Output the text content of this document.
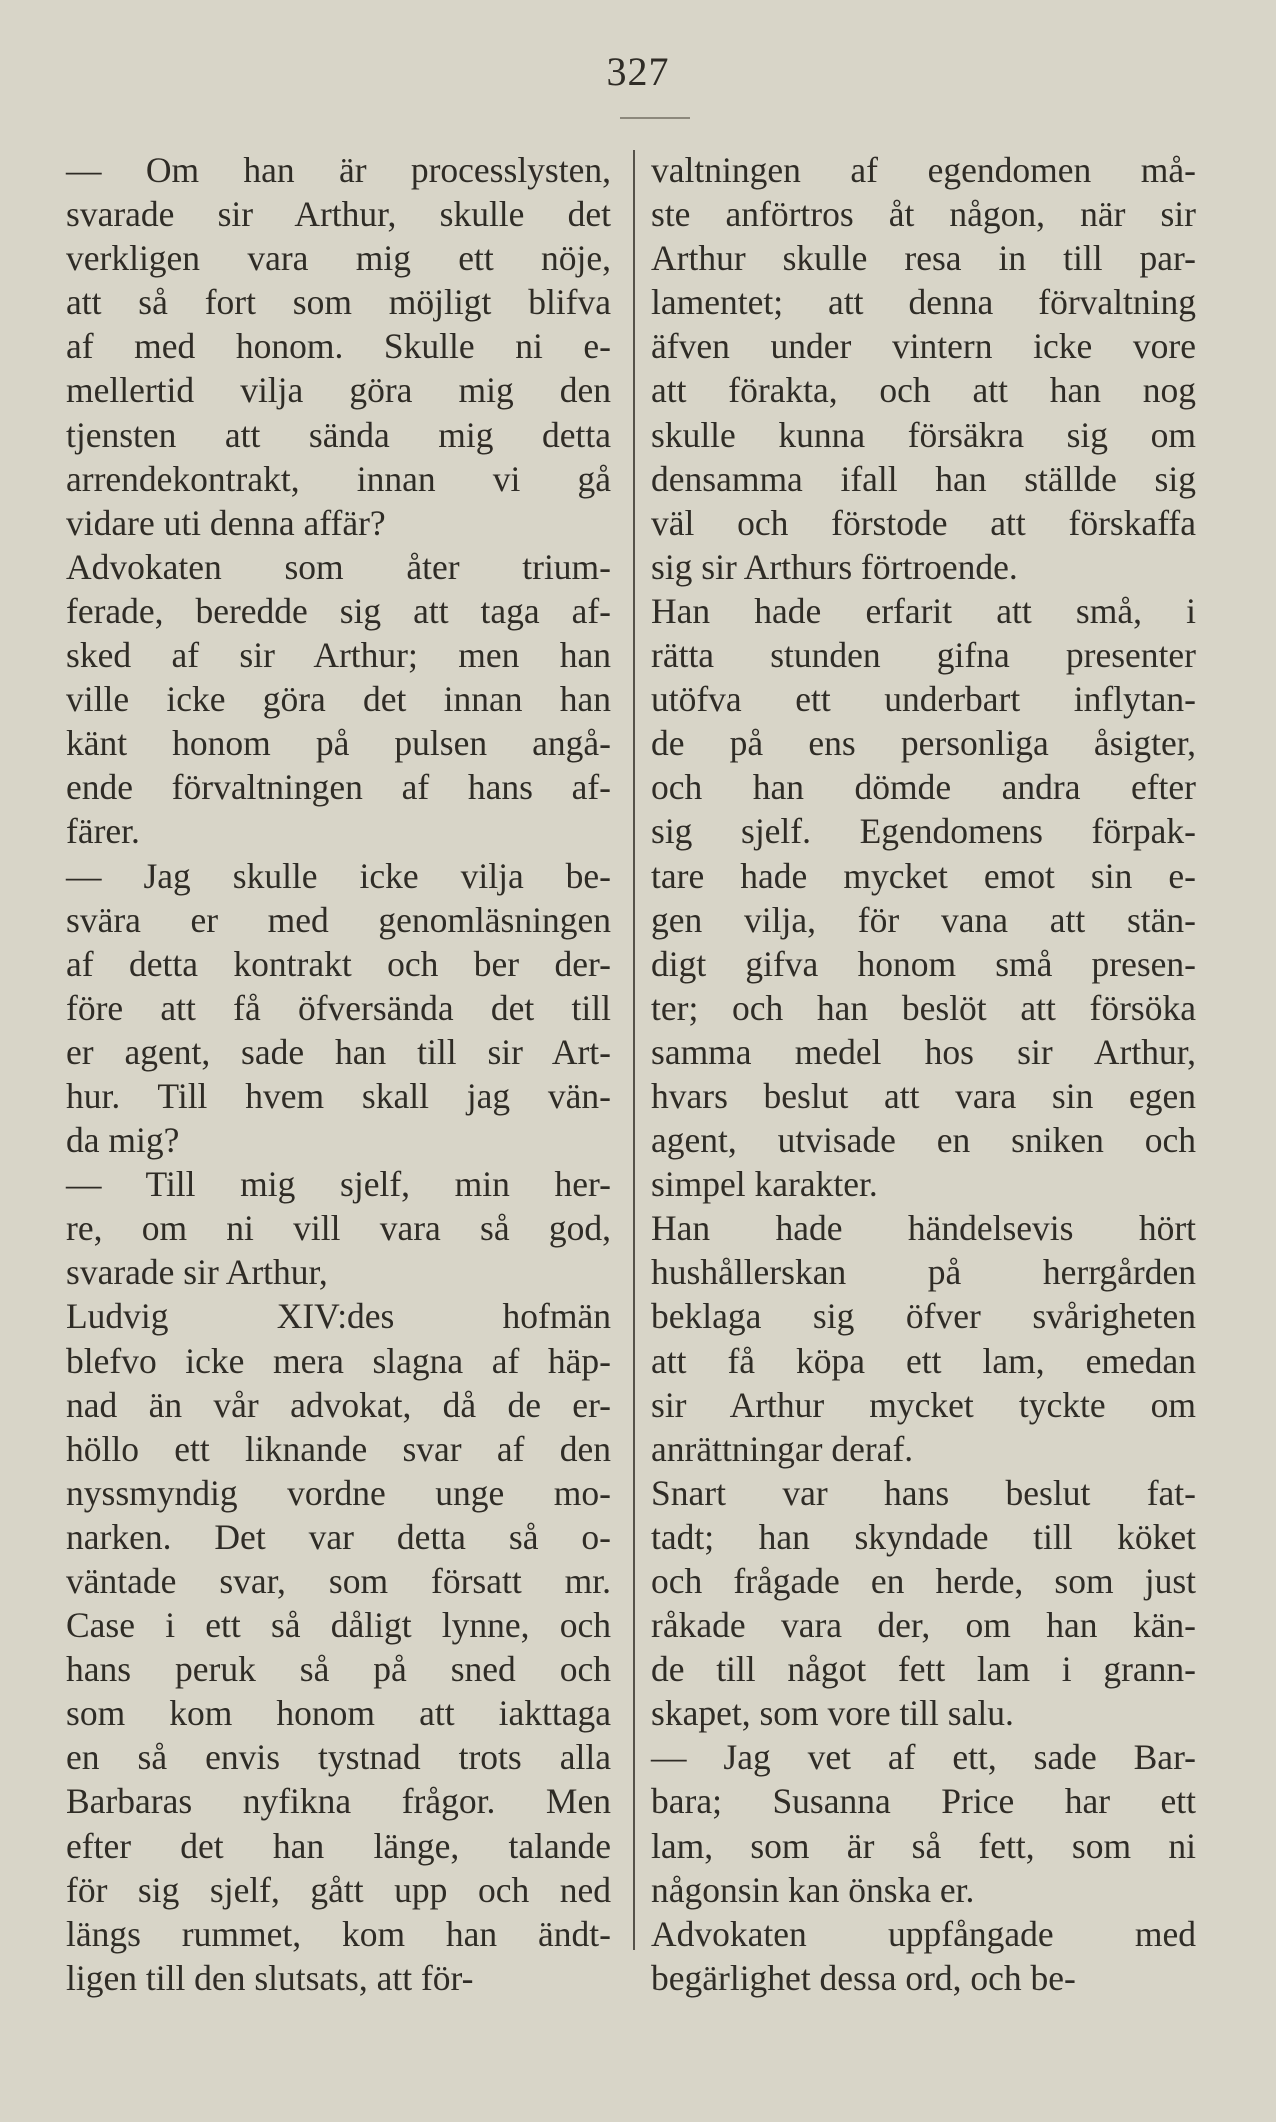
327
— Om han är processlysten,
svarade sir Arthur, skulle det
verkligen vara mig ett nöje,
att så fort som möjligt blifva
af med honom. Skulle ni e-
mellertid vilja göra mig den
tjensten att sända mig detta
arrendekontrakt, innan vi gå
vidare uti denna affär?
Advokaten som åter trium-
ferade, beredde sig att taga af-
sked af sir Arthur; men han
ville icke göra det innan han
känt honom på pulsen angå-
ende förvaltningen af hans af-
färer.
— Jag skulle icke vilja be-
svära er med genomläsningen
af detta kontrakt och ber der-
före att få öfversända det till
er agent, sade han till sir Art-
hur. Till hvem skall jag vän-
da mig?
— Till mig sjelf, min her-
re, om ni vill vara så god,
svarade sir Arthur,
Ludvig XIV:des hofmän
blefvo icke mera slagna af häp-
nad än vår advokat, då de er-
höllo ett liknande svar af den
nyssmyndig vordne unge mo-
narken. Det var detta så o-
väntade svar, som försatt mr.
Case i ett så dåligt lynne, och
hans peruk så på sned och
som kom honom att iakttaga
en så envis tystnad trots alla
Barbaras nyfikna frågor. Men
efter det han länge, talande
för sig sjelf, gått upp och ned
längs rummet, kom han ändt-
ligen till den slutsats, att för-
valtningen af egendomen må-
ste anförtros åt någon, när sir
Arthur skulle resa in till par-
lamentet; att denna förvaltning
äfven under vintern icke vore
att förakta, och att han nog
skulle kunna försäkra sig om
densamma ifall han ställde sig
väl och förstode att förskaffa
sig sir Arthurs förtroende.
Han hade erfarit att små, i
rätta stunden gifna presenter
utöfva ett underbart inflytan-
de på ens personliga åsigter,
och han dömde andra efter
sig sjelf. Egendomens förpak-
tare hade mycket emot sin e-
gen vilja, för vana att stän-
digt gifva honom små presen-
ter; och han beslöt att försöka
samma medel hos sir Arthur,
hvars beslut att vara sin egen
agent, utvisade en sniken och
simpel karakter.
Han hade händelsevis hört
hushållerskan på herrgården
beklaga sig öfver svårigheten
att få köpa ett lam, emedan
sir Arthur mycket tyckte om
anrättningar deraf.
Snart var hans beslut fat-
tadt; han skyndade till köket
och frågade en herde, som just
råkade vara der, om han kän-
de till något fett lam i grann-
skapet, som vore till salu.
— Jag vet af ett, sade Bar-
bara; Susanna Price har ett
lam, som är så fett, som ni
någonsin kan önska er.
Advokaten uppfångade med
begärlighet dessa ord, och be-
